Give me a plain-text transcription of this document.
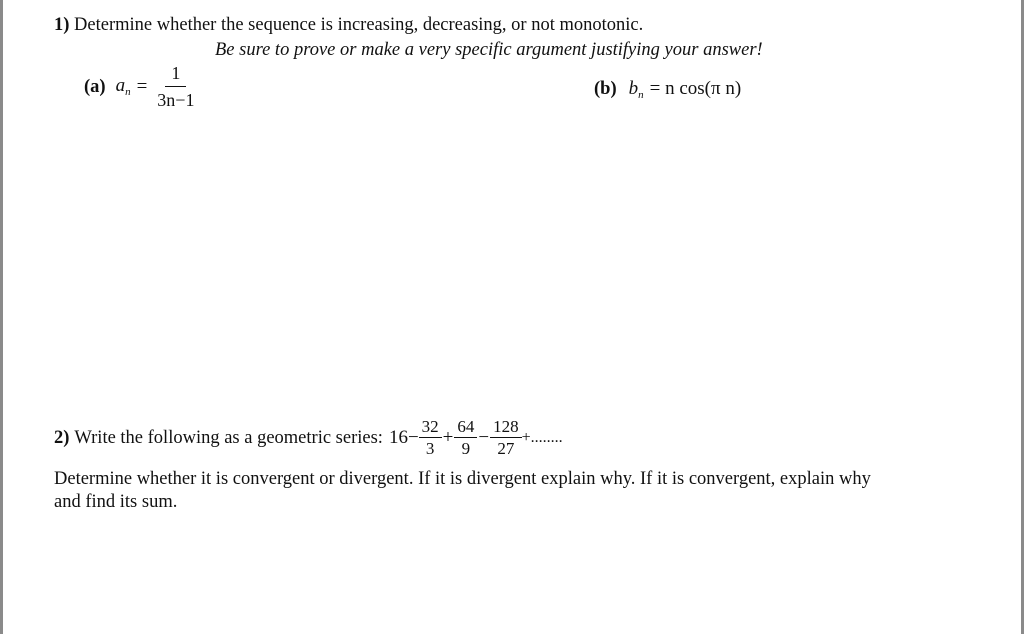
1) Determine whether the sequence is increasing, decreasing, or not monotonic.
Be sure to prove or make a very specific argument justifying your answer!
(a) $a_n = \frac{1}{3n-1}$	(b) $b_n = n$ cos(π n)
2) Write the following as a geometric series: $16- \frac{32}{3} + \frac{64}{9} - \frac{128}{27}$ +........
Determine whether it is convergent or divergent. If it is divergent explain why. If it is convergent, explain why
and find its sum.
